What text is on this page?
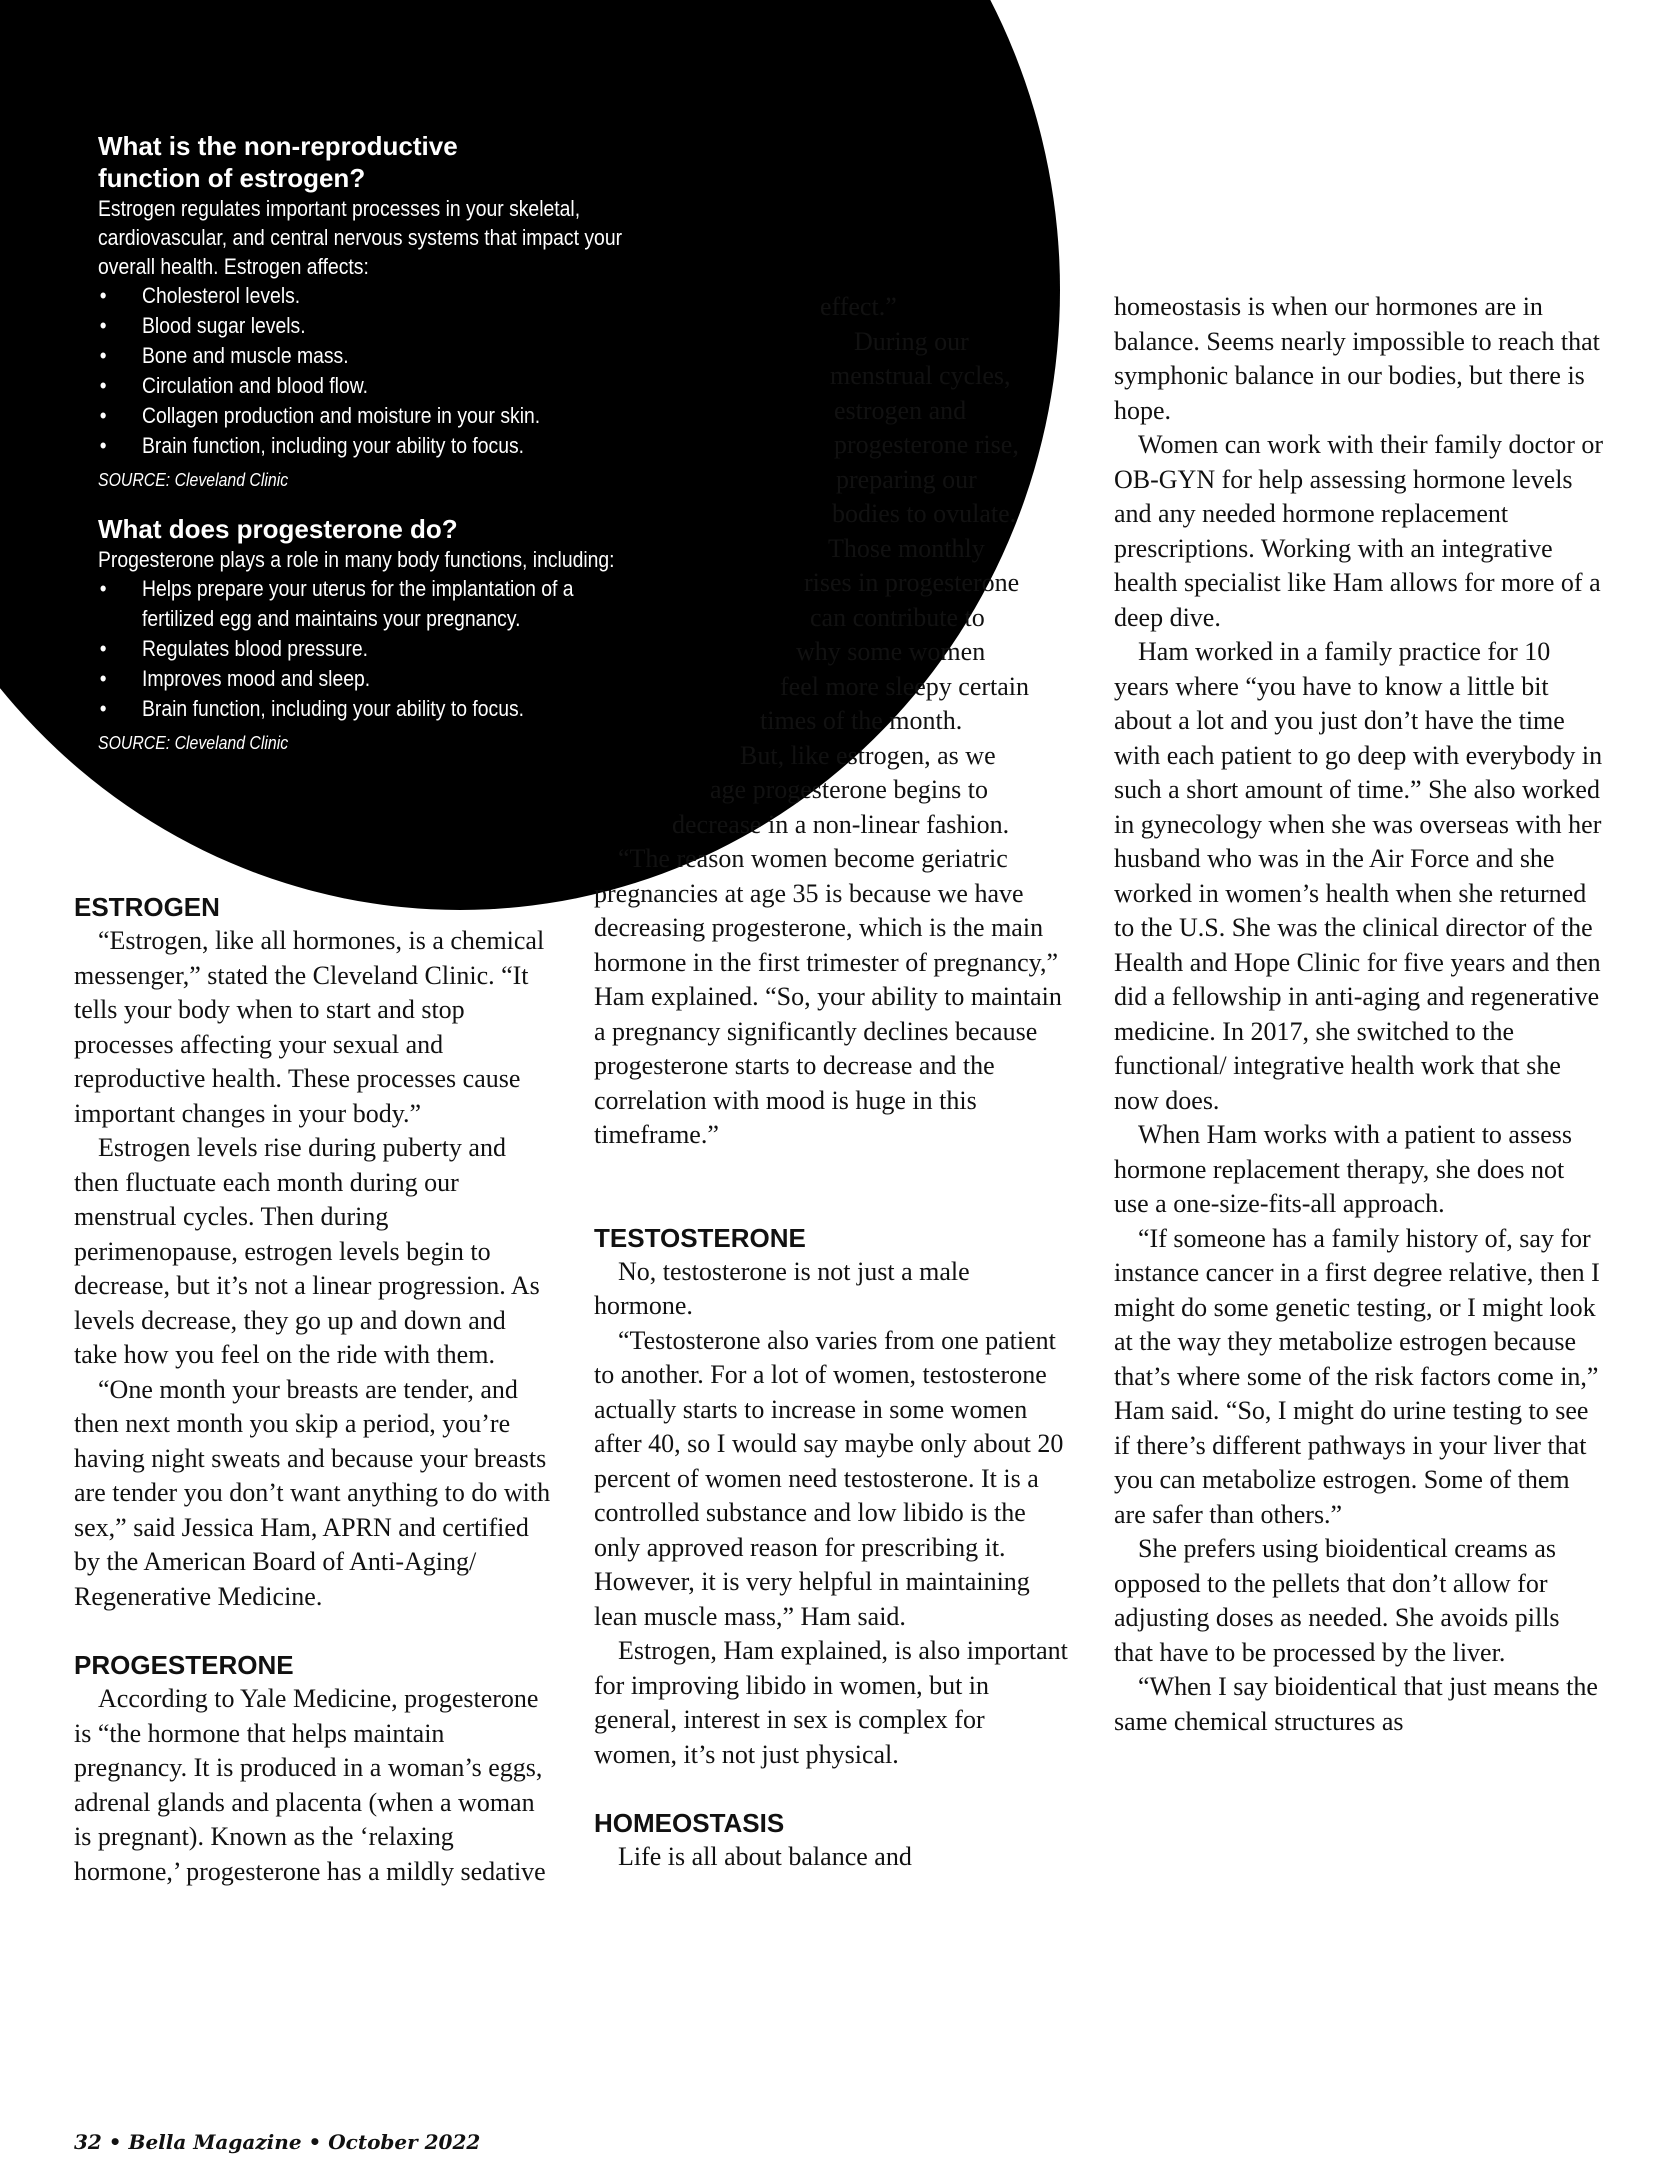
What is the non-reproductive
function of estrogen?

Estrogen regulates important processes in your skeletal,
cardiovascular, and central nervous systems that impact your
overall health. Estrogen affects:

• Cholesterol levels.
• Blood sugar levels.
• Bone and muscle mass.
• Circulation and blood flow.
• Collagen production and moisture in your skin.
• Brain function, including your ability to focus.

SOURCE: Cleveland Clinic

What does progesterone do?

Progesterone plays a role in many body functions, including:

• Helps prepare your uterus for the implantation of a fertilized egg and maintains your pregnancy.
• Regulates blood pressure.
• Improves mood and sleep.
• Brain function, including your ability to focus.

SOURCE: Cleveland Clinic

ESTROGEN

“Estrogen, like all hormones, is a chemical messenger,” stated the Cleveland Clinic. “It tells your body when to start and stop processes affecting your sexual and reproductive health. These processes cause important changes in your body.”

Estrogen levels rise during puberty and then fluctuate each month during our menstrual cycles. Then during perimenopause, estrogen levels begin to decrease, but it’s not a linear progression. As levels decrease, they go up and down and take how you feel on the ride with them.

“One month your breasts are tender, and then next month you skip a period, you’re having night sweats and because your breasts are tender you don’t want anything to do with sex,” said Jessica Ham, APRN and certified by the American Board of Anti-Aging/ Regenerative Medicine.

PROGESTERONE

According to Yale Medicine, progesterone is “the hormone that helps maintain pregnancy. It is produced in a woman’s eggs, adrenal glands and placenta (when a woman is pregnant). Known as the ‘relaxing hormone,’ progesterone has a mildly sedative

effect.”
During our
menstrual cycles,
estrogen and
progesterone rise,
preparing our
bodies to ovulate.
Those monthly
rises in progesterone
can contribute to
why some women
feel more sleepy certain
times of the month.
But, like estrogen, as we
age progesterone begins to
decrease in a non-linear fashion.

“The reason women become geriatric pregnancies at age 35 is because we have decreasing progesterone, which is the main hormone in the first trimester of pregnancy,” Ham explained. “So, your ability to maintain a pregnancy significantly declines because progesterone starts to decrease and the correlation with mood is huge in this timeframe.”

TESTOSTERONE

No, testosterone is not just a male hormone.

“Testosterone also varies from one patient to another. For a lot of women, testosterone actually starts to increase in some women after 40, so I would say maybe only about 20 percent of women need testosterone. It is a controlled substance and low libido is the only approved reason for prescribing it. However, it is very helpful in maintaining lean muscle mass,” Ham said.

Estrogen, Ham explained, is also important for improving libido in women, but in general, interest in sex is complex for women, it’s not just physical.

HOMEOSTASIS

Life is all about balance and

homeostasis is when our hormones are in balance. Seems nearly impossible to reach that symphonic balance in our bodies, but there is hope.

Women can work with their family doctor or OB-GYN for help assessing hormone levels and any needed hormone replacement prescriptions. Working with an integrative health specialist like Ham allows for more of a deep dive.

Ham worked in a family practice for 10 years where “you have to know a little bit about a lot and you just don’t have the time with each patient to go deep with everybody in such a short amount of time.” She also worked in gynecology when she was overseas with her husband who was in the Air Force and she worked in women’s health when she returned to the U.S. She was the clinical director of the Health and Hope Clinic for five years and then did a fellowship in anti-aging and regenerative medicine. In 2017, she switched to the functional/ integrative health work that she now does.

When Ham works with a patient to assess hormone replacement therapy, she does not use a one-size-fits-all approach.

“If someone has a family history of, say for instance cancer in a first degree relative, then I might do some genetic testing, or I might look at the way they metabolize estrogen because that’s where some of the risk factors come in,” Ham said. “So, I might do urine testing to see if there’s different pathways in your liver that you can metabolize estrogen. Some of them are safer than others.”

She prefers using bioidentical creams as opposed to the pellets that don’t allow for adjusting doses as needed. She avoids pills that have to be processed by the liver.

“When I say bioidentical that just means the same chemical structures as

32 • Bella Magazine • October 2022
